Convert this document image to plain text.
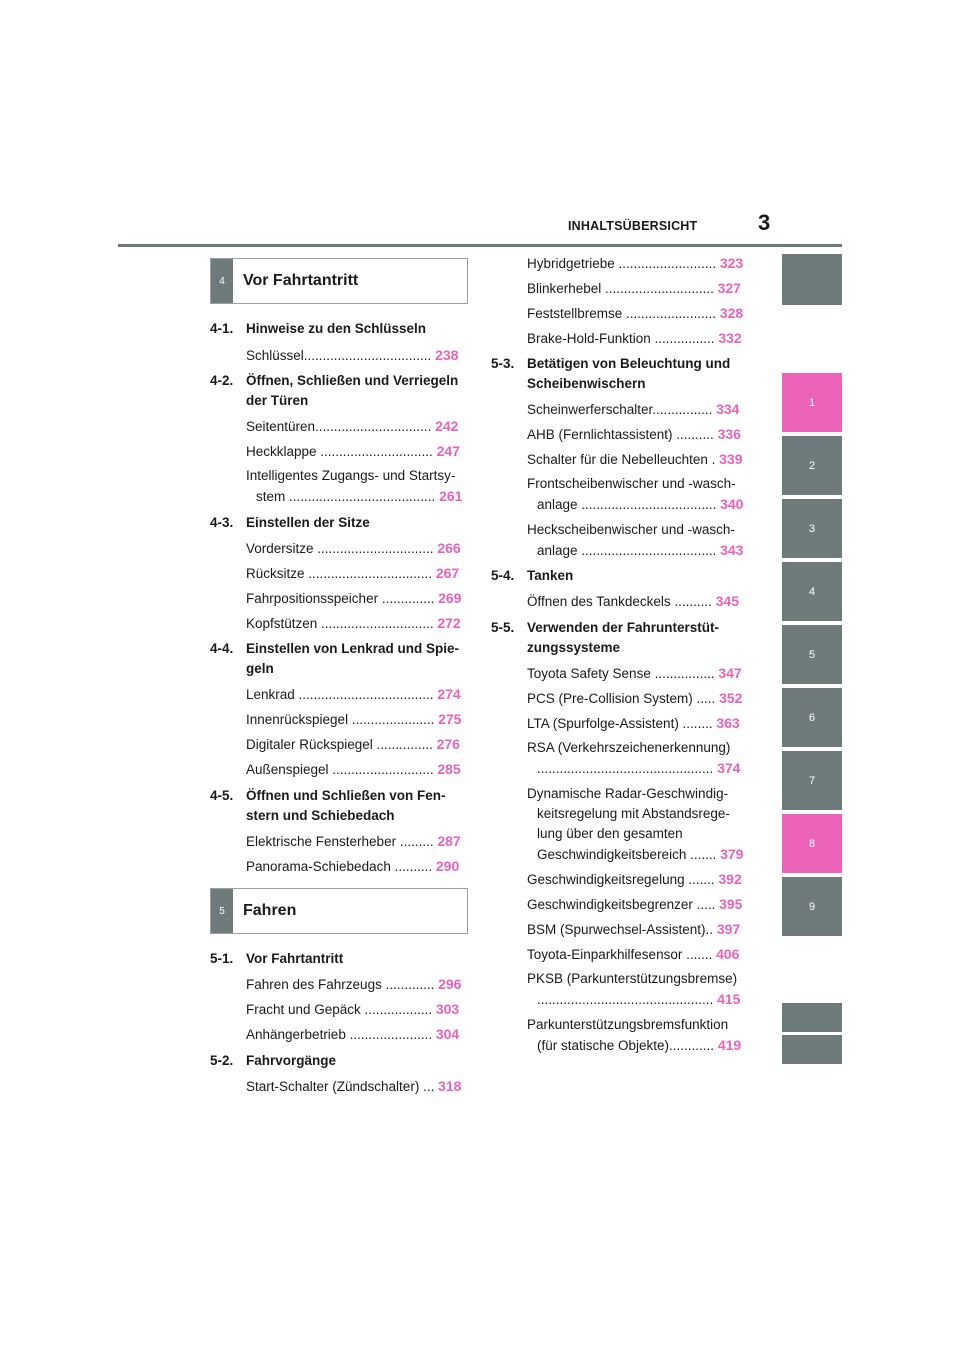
INHALTSÜBERSICHT	3
1
2
3
4
5
6
7
8
9
4	Vor Fahrtantritt
5	Fahren
4-1. Hinweise zu den Schlüsseln
Schlüssel.................................. 238
4-2. Öffnen, Schließen und Verriegeln
der Türen
Seitentüren............................... 242
Heckklappe .............................. 247
Intelligentes Zugangs- und Startsy-
stem ....................................... 261
4-3. Einstellen der Sitze
Vordersitze ............................... 266
Rücksitze ................................. 267
Fahrpositionsspeicher .............. 269
Kopfstützen .............................. 272
4-4. Einstellen von Lenkrad und Spie-
geln
Lenkrad .................................... 274
Innenrückspiegel ...................... 275
Digitaler Rückspiegel ............... 276
Außenspiegel ........................... 285
4-5. Öffnen und Schließen von Fen-
stern und Schiebedach
Elektrische Fensterheber ......... 287
Panorama-Schiebedach .......... 290
5-1. Vor Fahrtantritt
Fahren des Fahrzeugs ............. 296
Fracht und Gepäck .................. 303
Anhängerbetrieb ...................... 304
5-2. Fahrvorgänge
Start-Schalter (Zündschalter) ... 318
Hybridgetriebe .......................... 323
Blinkerhebel ............................. 327
Feststellbremse ........................ 328
Brake-Hold-Funktion ................ 332
5-3. Betätigen von Beleuchtung und
Scheibenwischern
Scheinwerferschalter................ 334
AHB (Fernlichtassistent) .......... 336
Schalter für die Nebelleuchten . 339
Frontscheibenwischer und -wasch-
anlage .................................... 340
Heckscheibenwischer und -wasch-
anlage .................................... 343
5-4. Tanken
Öffnen des Tankdeckels .......... 345
5-5. Verwenden der Fahrunterstüt-
zungssysteme
Toyota Safety Sense ................ 347
PCS (Pre-Collision System) ..... 352
LTA (Spurfolge-Assistent) ........ 363
RSA (Verkehrszeichenerkennung)
............................................... 374
Dynamische Radar-Geschwindig-
keitsregelung mit Abstandsrege-
lung über den gesamten
Geschwindigkeitsbereich ....... 379
Geschwindigkeitsregelung ....... 392
Geschwindigkeitsbegrenzer ..... 395
BSM (Spurwechsel-Assistent).. 397
Toyota-Einparkhilfesensor ....... 406
PKSB (Parkunterstützungsbremse)
............................................... 415
Parkunterstützungsbremsfunktion
(für statische Objekte)............ 419
